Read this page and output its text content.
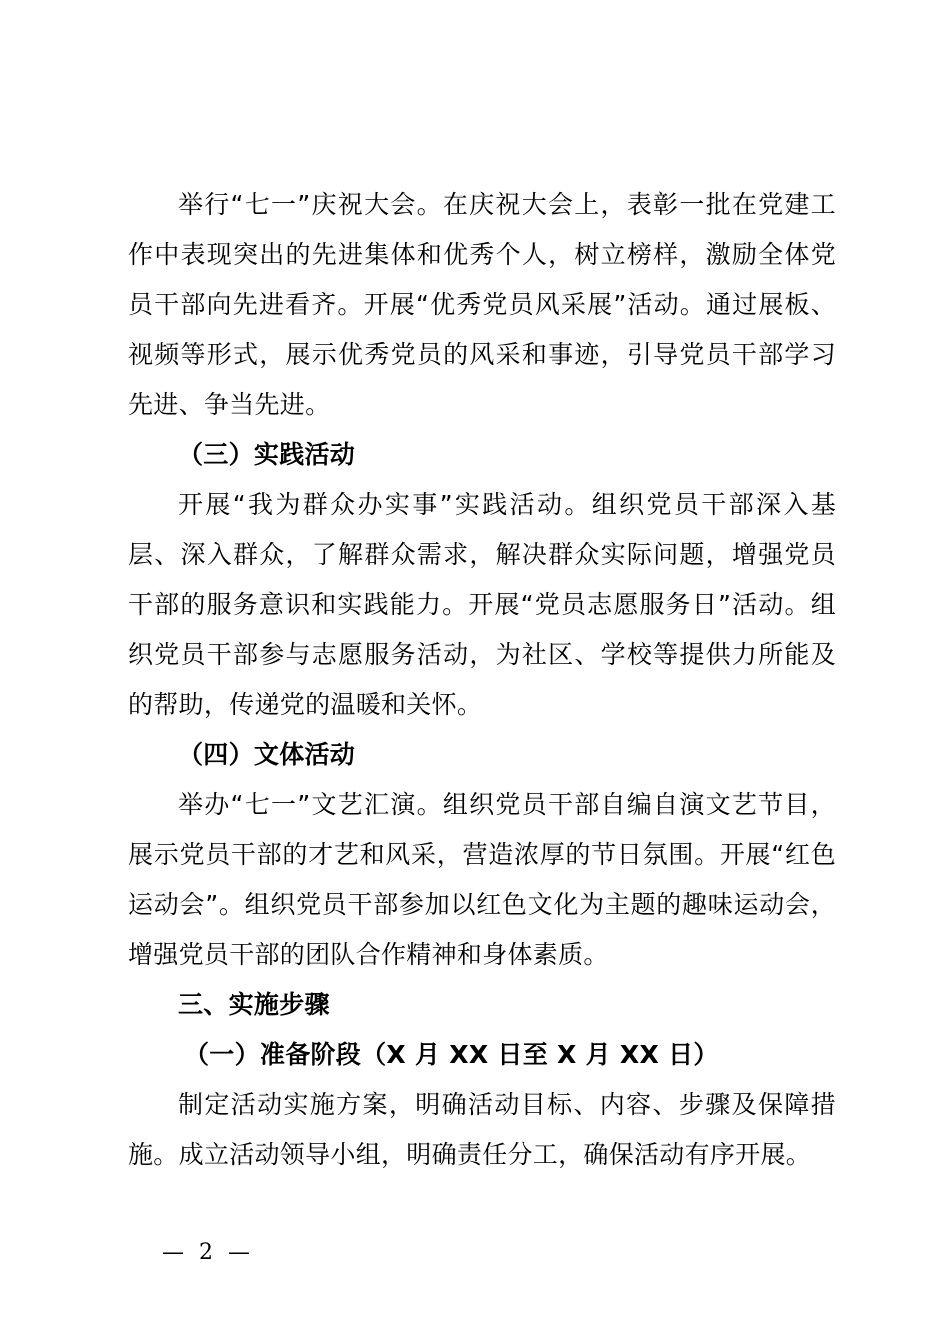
举行“七一”庆祝大会。在庆祝大会上，表彰一批在党建工作中表现突出的先进集体和优秀个人，树立榜样，激励全体党员干部向先进看齐。开展“优秀党员风采展”活动。通过展板、视频等形式，展示优秀党员的风采和事迹，引导党员干部学习先进、争当先进。

（三）实践活动

开展“我为群众办实事”实践活动。组织党员干部深入基层、深入群众，了解群众需求，解决群众实际问题，增强党员干部的服务意识和实践能力。开展“党员志愿服务日”活动。组织党员干部参与志愿服务活动，为社区、学校等提供力所能及的帮助，传递党的温暖和关怀。

（四）文体活动

举办“七一”文艺汇演。组织党员干部自编自演文艺节目，展示党员干部的才艺和风采，营造浓厚的节日氛围。开展“红色运动会”。组织党员干部参加以红色文化为主题的趣味运动会，增强党员干部的团队合作精神和身体素质。

三、实施步骤

（一）准备阶段（X 月 XX 日至 X 月 XX 日）

制定活动实施方案，明确活动目标、内容、步骤及保障措施。成立活动领导小组，明确责任分工，确保活动有序开展。

— 2 —
